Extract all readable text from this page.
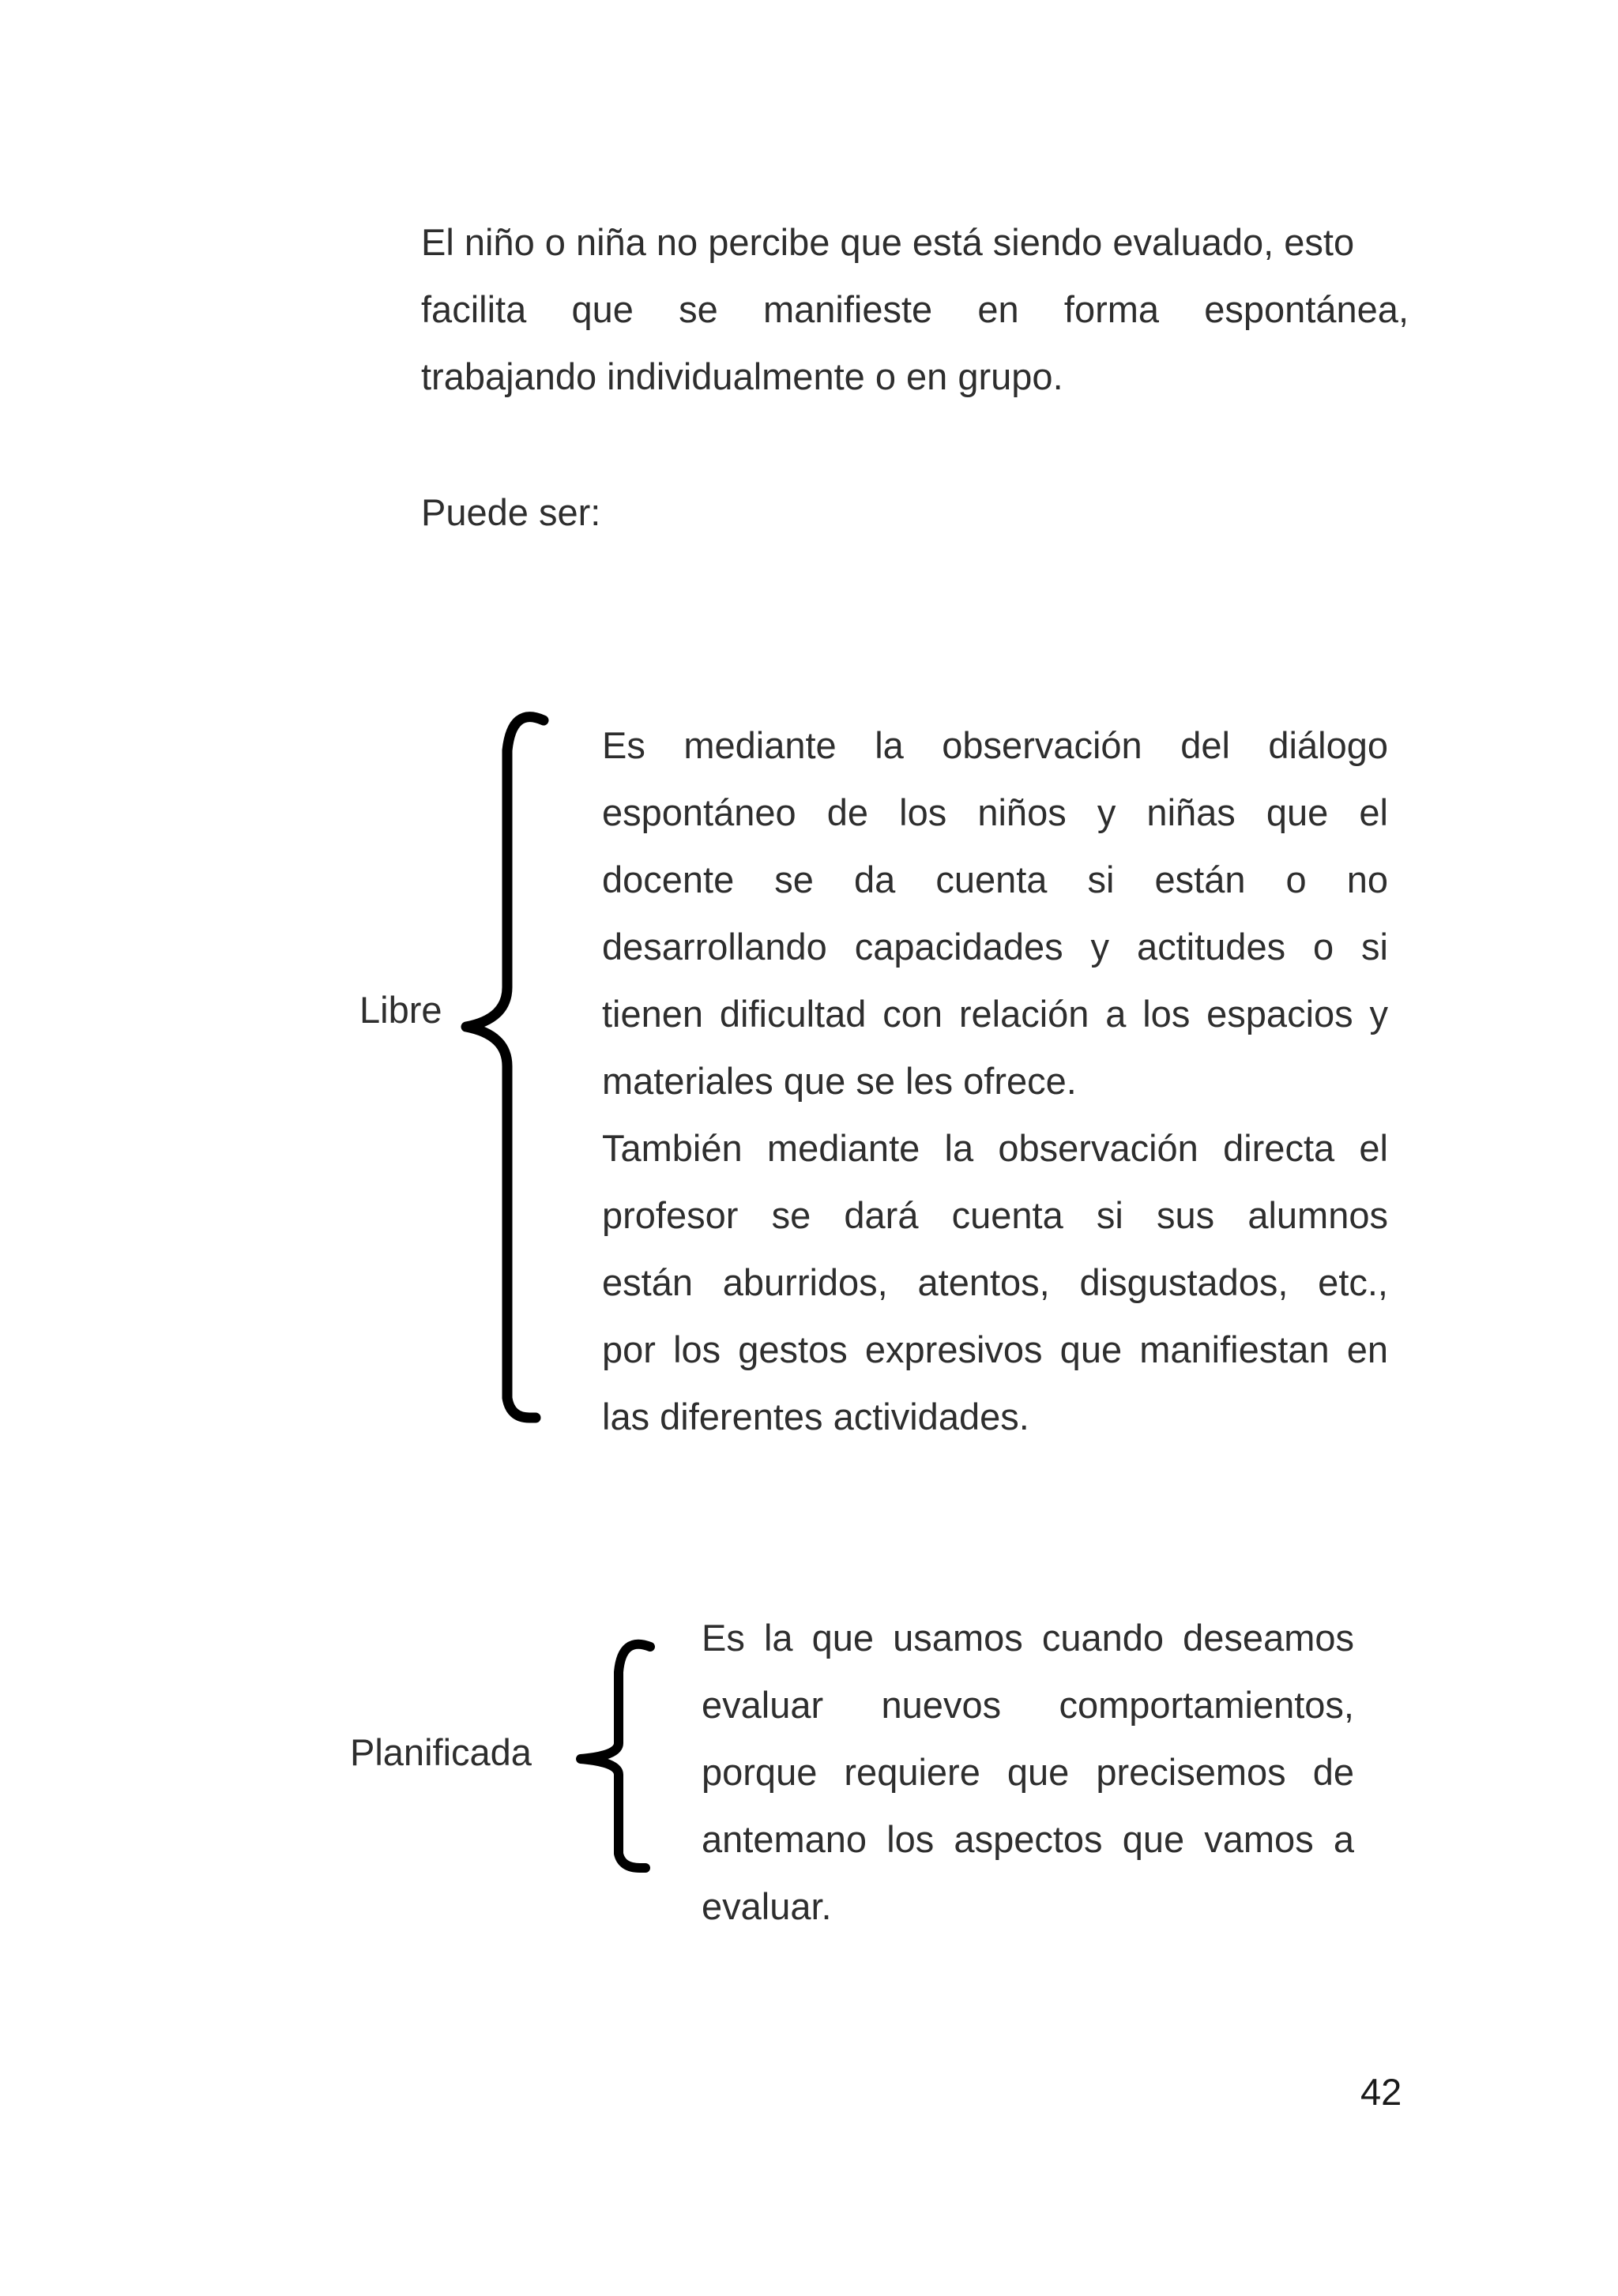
El niño o niña no percibe que está siendo evaluado, esto
facilita que se manifieste en forma espontánea,
trabajando individualmente o en grupo.
Puede ser:
Libre
Es mediante la observación del diálogo
espontáneo de los niños y niñas que el
docente se da cuenta si están o no
desarrollando capacidades y actitudes o si
tienen dificultad con relación a los espacios y
materiales que se les ofrece.
También mediante la observación directa el
profesor se dará cuenta si sus alumnos
están aburridos, atentos, disgustados, etc.,
por los gestos expresivos que manifiestan en
las diferentes actividades.
Planificada
Es la que usamos cuando deseamos
evaluar nuevos comportamientos,
porque requiere que precisemos de
antemano los aspectos que vamos a
evaluar.
42
